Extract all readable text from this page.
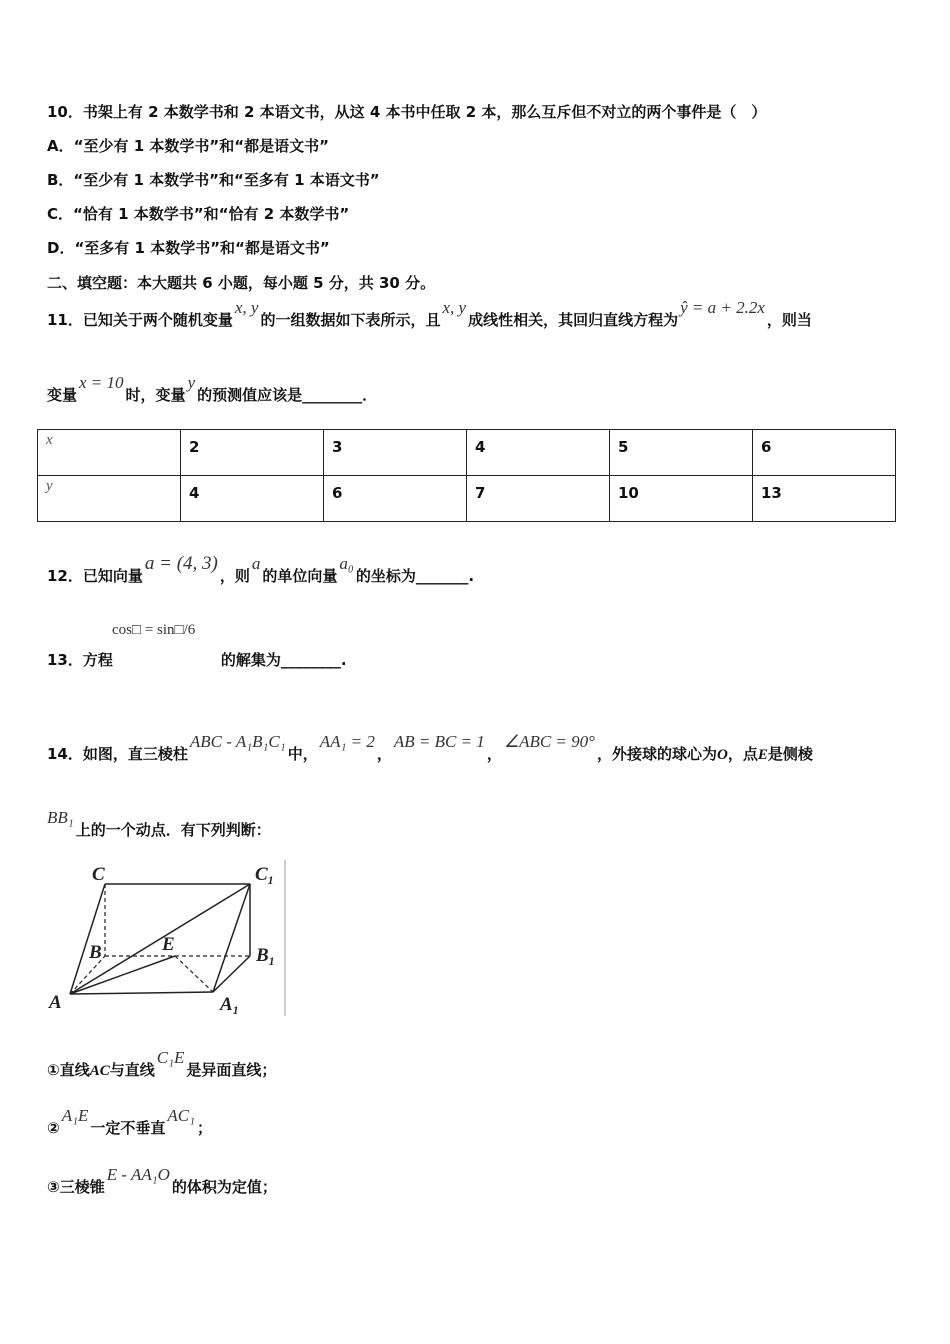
10．书架上有 2 本数学书和 2 本语文书，从这 4 本书中任取 2 本，那么互斥但不对立的两个事件是（　）
A．“至少有 1 本数学书”和“都是语文书”
B．“至少有 1 本数学书”和“至多有 1 本语文书”
C．“恰有 1 本数学书”和“恰有 2 本数学书”
D．“至多有 1 本数学书”和“都是语文书”
二、填空题：本大题共 6 小题，每小题 5 分，共 30 分。
11．已知关于两个随机变量x, y的一组数据如下表所示，且x, y成线性相关，其回归直线方程为ŷ = a + 2.2x，则当
变量x = 10时，变量y的预测值应该是________．
x	2	3	4	5	6
y	4	6	7	10	13
12．已知向量a = (4, 3)，则a的单位向量a₀的坐标为_______.
cos□ = sin□/6
13．方程	的解集为________.
14．如图，直三棱柱ABC - A₁B₁C₁中，AA₁ = 2，AB = BC = 1，∠ABC = 90°，外接球的球心为O，点E是侧棱
BB₁上的一个动点．有下列判断：
C	C₁
B	E
B₁
A	A₁
①直线AC与直线C₁E是异面直线；
②A₁E一定不垂直AC₁；
③三棱锥E - AA₁O的体积为定值；
